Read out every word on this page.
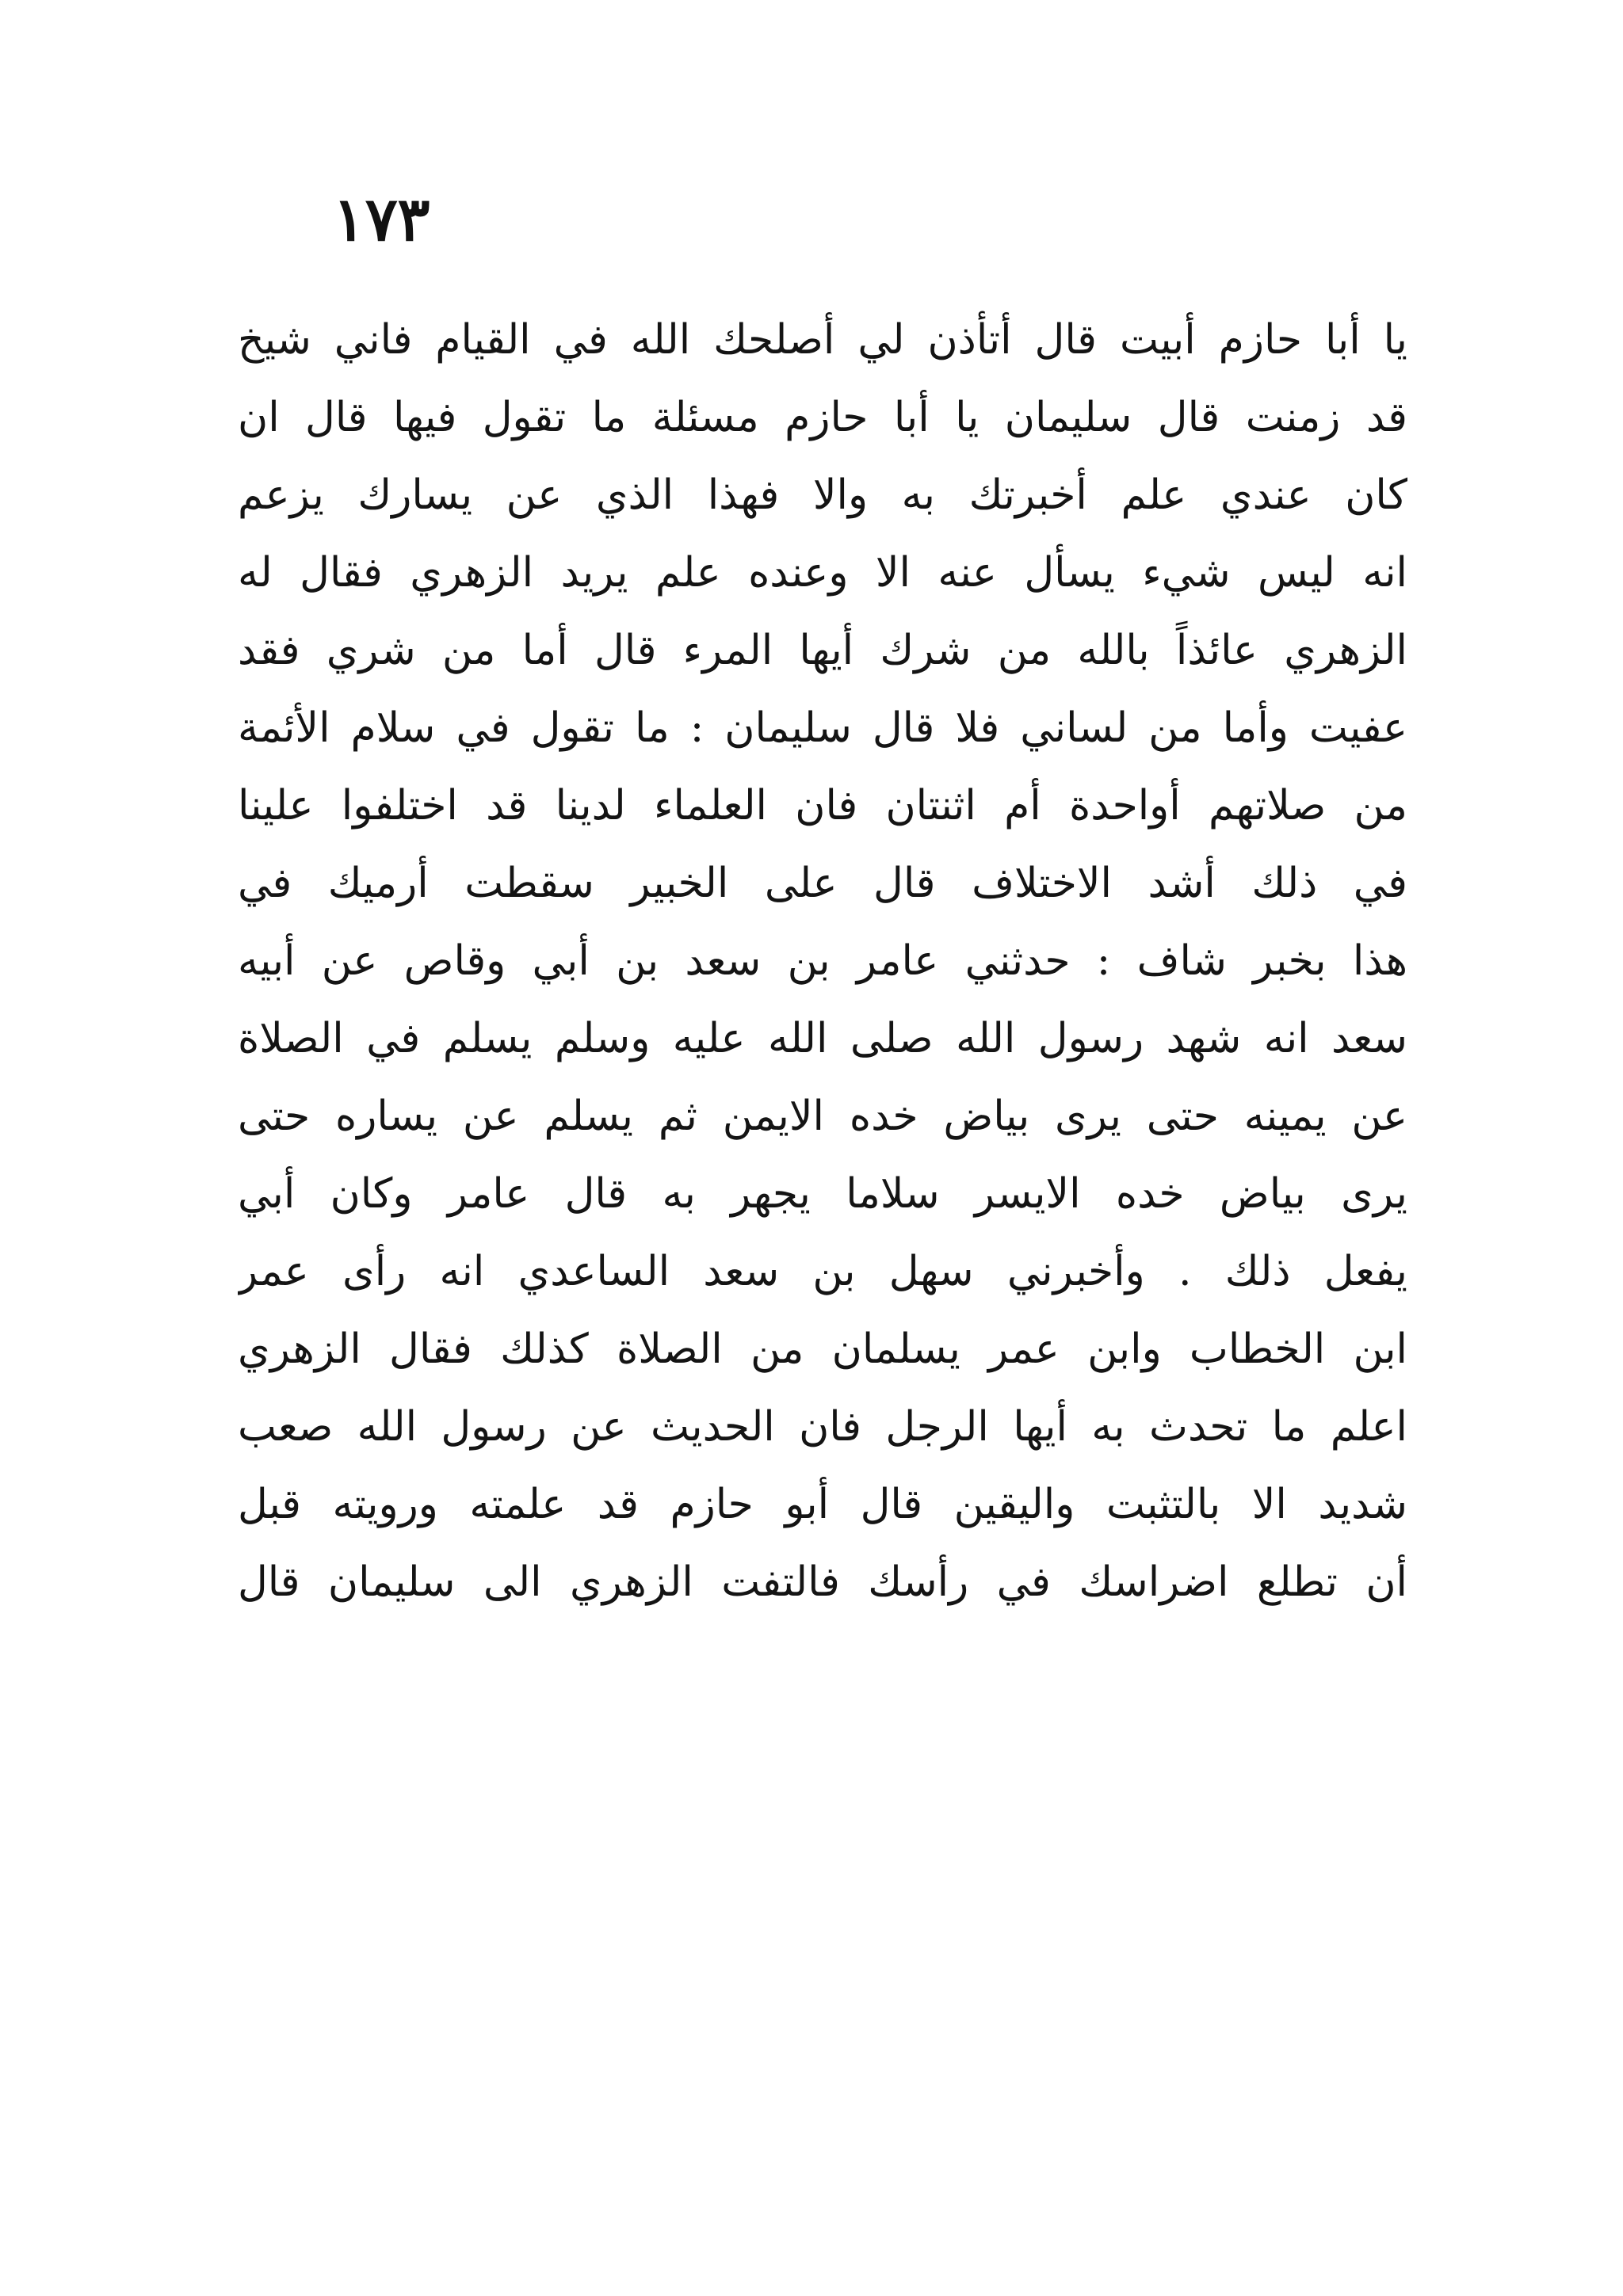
١٧٣
يا أبا حازم أبيت قال أتأذن لي أصلحك الله في القيام فاني شيخ
قد زمنت قال سليمان يا أبا حازم مسئلة ما تقول فيها قال ان
كان عندي علم أخبرتك به والا فهذا الذي عن يسارك يزعم
انه ليس شيء يسأل عنه الا وعنده علم يريد الزهري فقال له
الزهري عائذاً بالله من شرك أيها المرء قال أما من شري فقد
عفيت وأما من لساني فلا قال سليمان : ما تقول في سلام الأئمة
من صلاتهم أواحدة أم اثنتان فان العلماء لدينا قد اختلفوا علينا
في ذلك أشد الاختلاف قال على الخبير سقطت أرميك في
هذا بخبر شاف : حدثني عامر بن سعد بن أبي وقاص عن أبيه
سعد انه شهد رسول الله صلى الله عليه وسلم يسلم في الصلاة
عن يمينه حتى يرى بياض خده الايمن ثم يسلم عن يساره حتى
يرى بياض خده الايسر سلاما يجهر به قال عامر وكان أبي
يفعل ذلك . وأخبرني سهل بن سعد الساعدي انه رأى عمر
ابن الخطاب وابن عمر يسلمان من الصلاة كذلك فقال الزهري
اعلم ما تحدث به أيها الرجل فان الحديث عن رسول الله صعب
شديد الا بالتثبت واليقين قال أبو حازم قد علمته ورويته قبل
أن تطلع اضراسك في رأسك فالتفت الزهري الى سليمان قال
